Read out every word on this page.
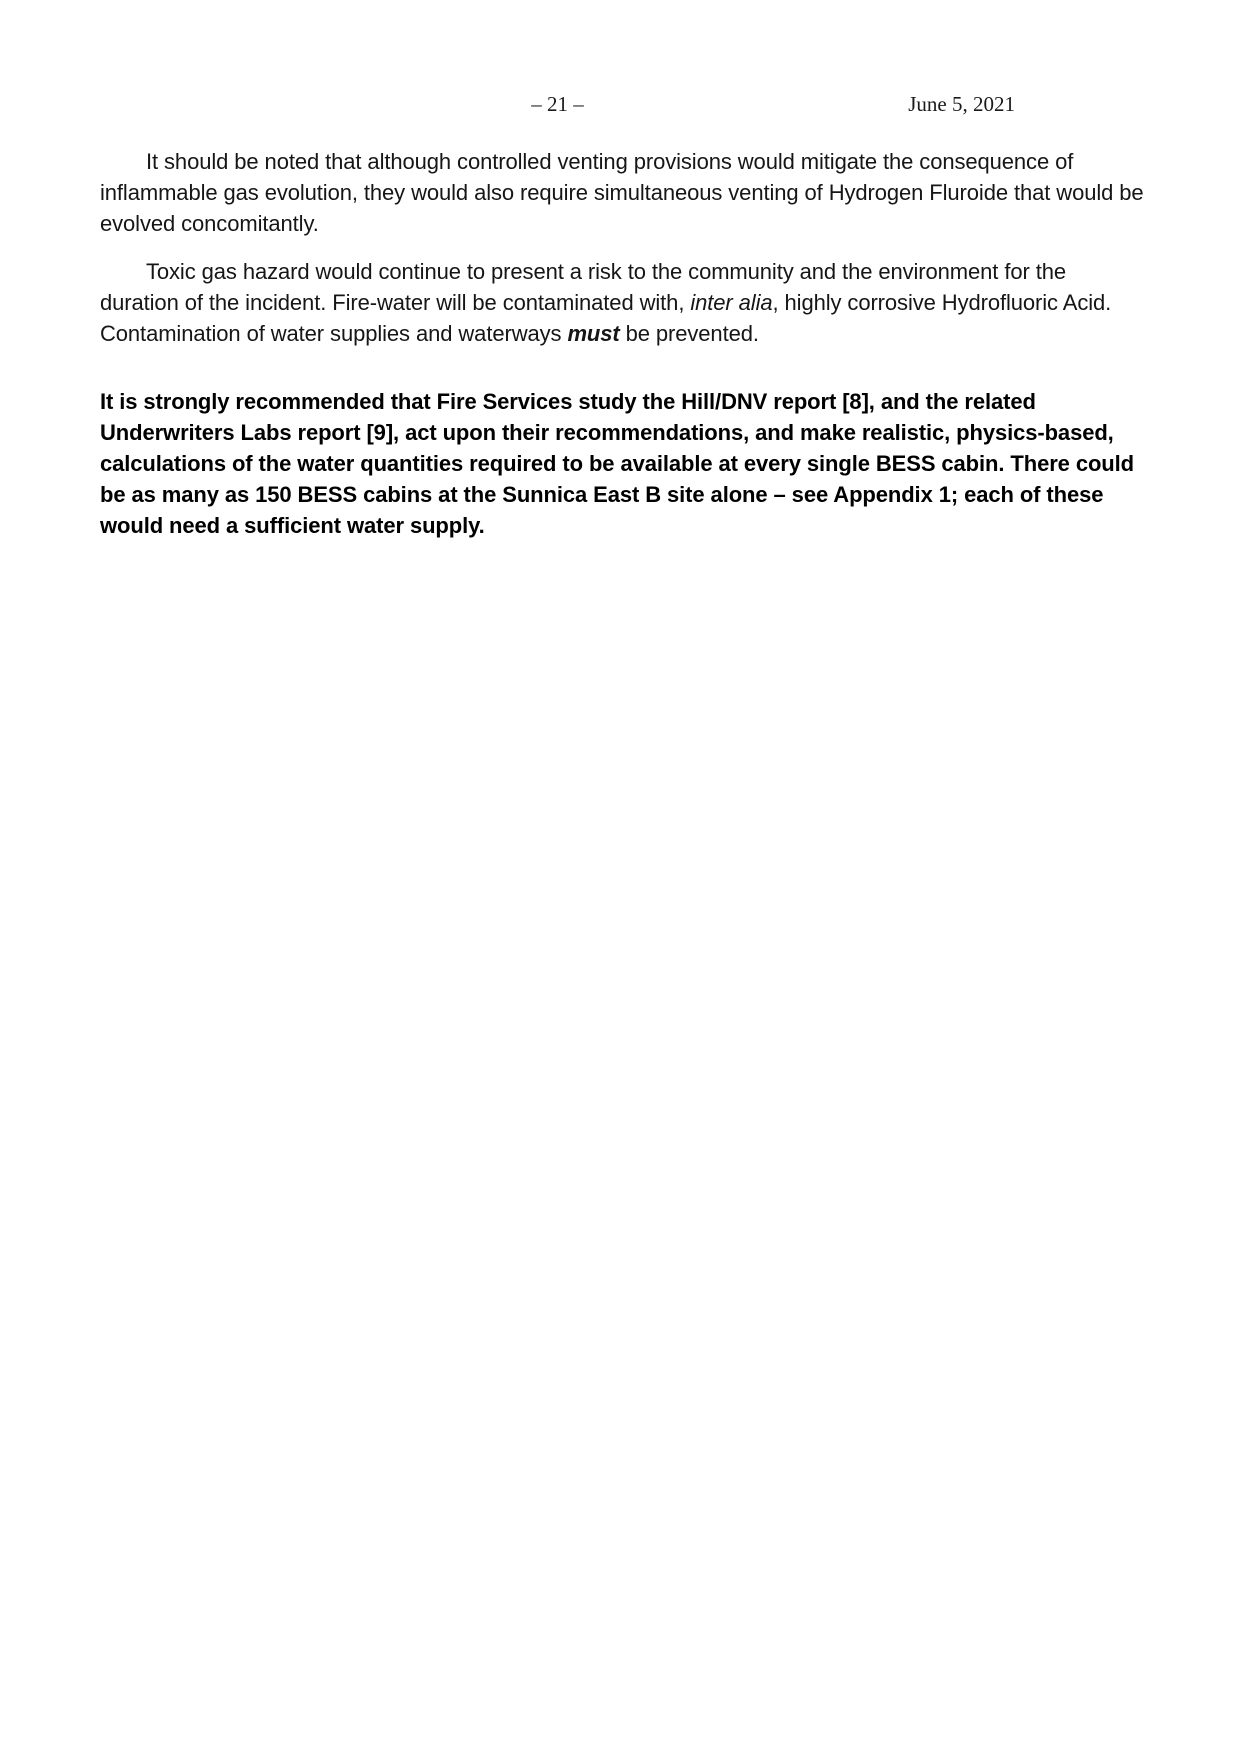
– 21 –	June 5, 2021

It should be noted that although controlled venting provisions would mitigate the consequence of inflammable gas evolution, they would also require simultaneous venting of Hydrogen Fluroide that would be evolved concomitantly.

Toxic gas hazard would continue to present a risk to the community and the environment for the duration of the incident. Fire-water will be contaminated with, inter alia, highly corrosive Hydrofluoric Acid. Contamination of water supplies and waterways must be prevented.

It is strongly recommended that Fire Services study the Hill/DNV report [8], and the related Underwriters Labs report [9], act upon their recommendations, and make realistic, physics-based, calculations of the water quantities required to be available at every single BESS cabin. There could be as many as 150 BESS cabins at the Sunnica East B site alone – see Appendix 1; each of these would need a sufficient water supply.
